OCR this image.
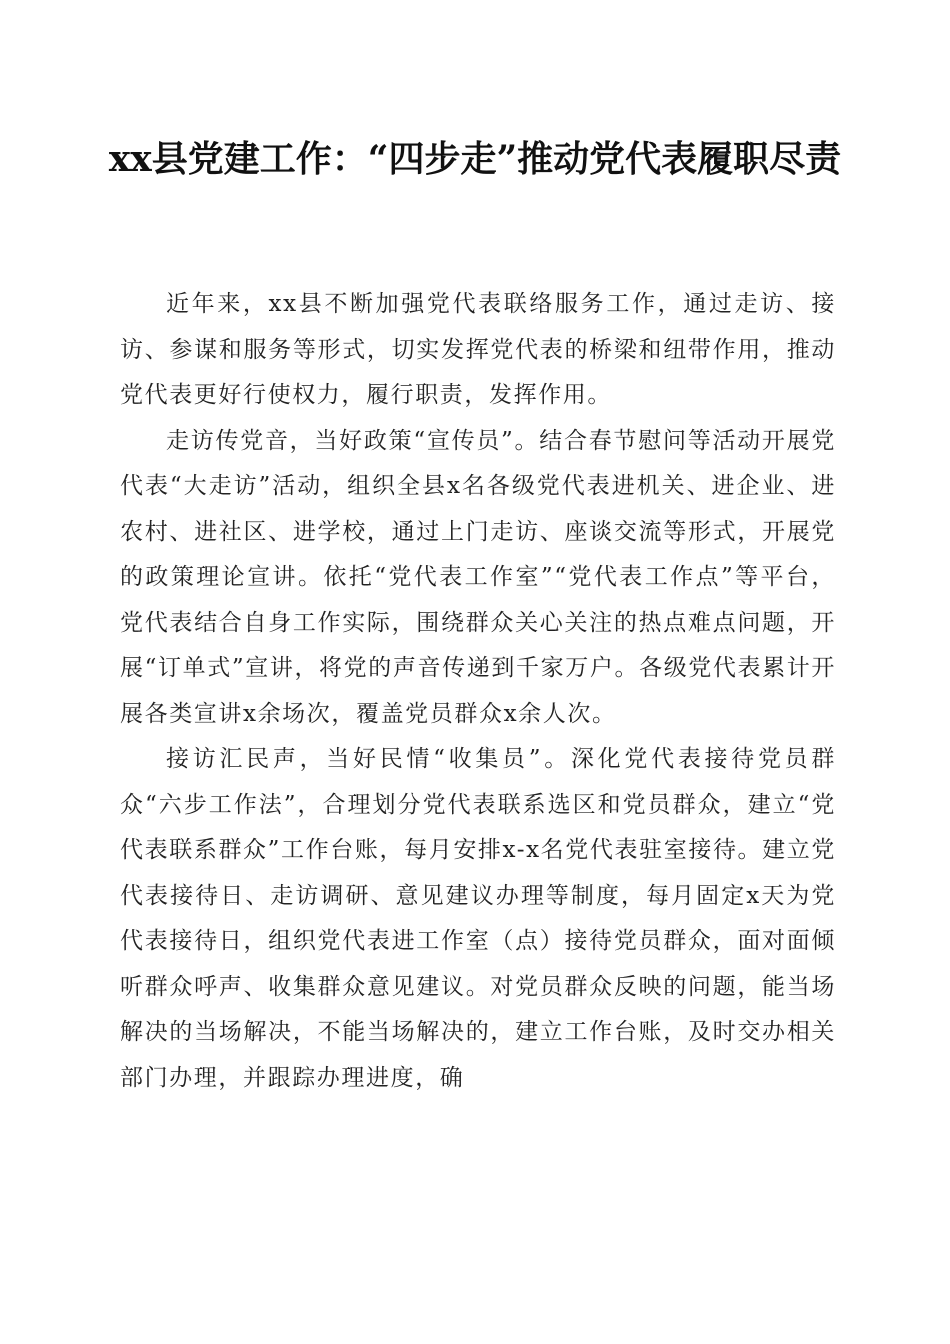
xx县党建工作：“四步走”推动党代表履职尽责

近年来，xx县不断加强党代表联络服务工作，通过走访、接访、参谋和服务等形式，切实发挥党代表的桥梁和纽带作用，推动党代表更好行使权力，履行职责，发挥作用。

走访传党音，当好政策“宣传员”。结合春节慰问等活动开展党代表“大走访”活动，组织全县x名各级党代表进机关、进企业、进农村、进社区、进学校，通过上门走访、座谈交流等形式，开展党的政策理论宣讲。依托“党代表工作室”“党代表工作点”等平台，党代表结合自身工作实际，围绕群众关心关注的热点难点问题，开展“订单式”宣讲，将党的声音传递到千家万户。各级党代表累计开展各类宣讲x余场次，覆盖党员群众x余人次。

接访汇民声，当好民情“收集员”。深化党代表接待党员群众“六步工作法”，合理划分党代表联系选区和党员群众，建立“党代表联系群众”工作台账，每月安排x-x名党代表驻室接待。建立党代表接待日、走访调研、意见建议办理等制度，每月固定x天为党代表接待日，组织党代表进工作室（点）接待党员群众，面对面倾听群众呼声、收集群众意见建议。对党员群众反映的问题，能当场解决的当场解决，不能当场解决的，建立工作台账，及时交办相关部门办理，并跟踪办理进度，确
